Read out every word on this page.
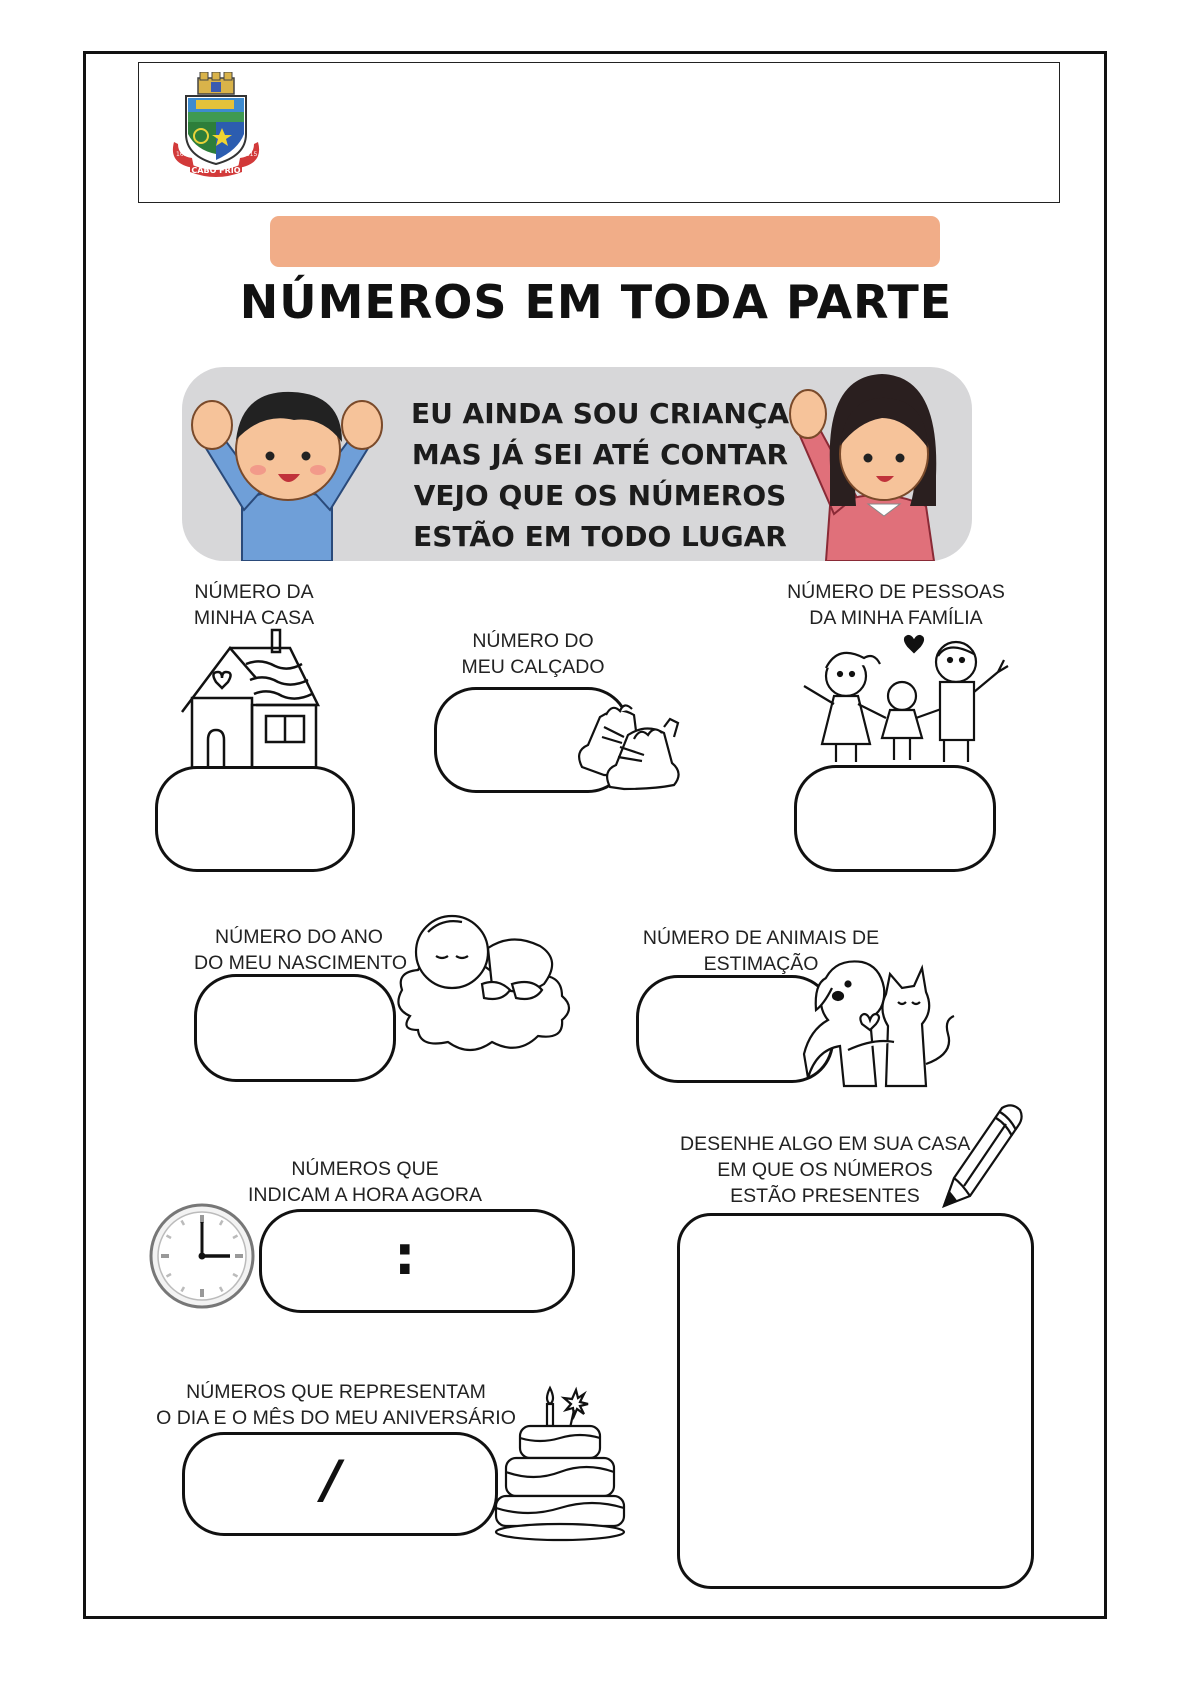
CABO FRIO
1615	1615
NÚMEROS EM TODA PARTE
EU AINDA SOU CRIANÇA
MAS JÁ SEI ATÉ CONTAR
VEJO QUE OS NÚMEROS
ESTÃO EM TODO LUGAR
NÚMERO DA
MINHA CASA
NÚMERO DO
MEU CALÇADO
NÚMERO DE PESSOAS
DA MINHA FAMÍLIA
NÚMERO DO ANO
DO MEU NASCIMENTO
NÚMERO DE ANIMAIS DE
ESTIMAÇÃO
NÚMEROS QUE
INDICAM A HORA AGORA
:
NÚMEROS QUE REPRESENTAM
O DIA E O MÊS DO MEU ANIVERSÁRIO
/
DESENHE ALGO EM SUA CASA
EM QUE OS NÚMEROS
ESTÃO PRESENTES
